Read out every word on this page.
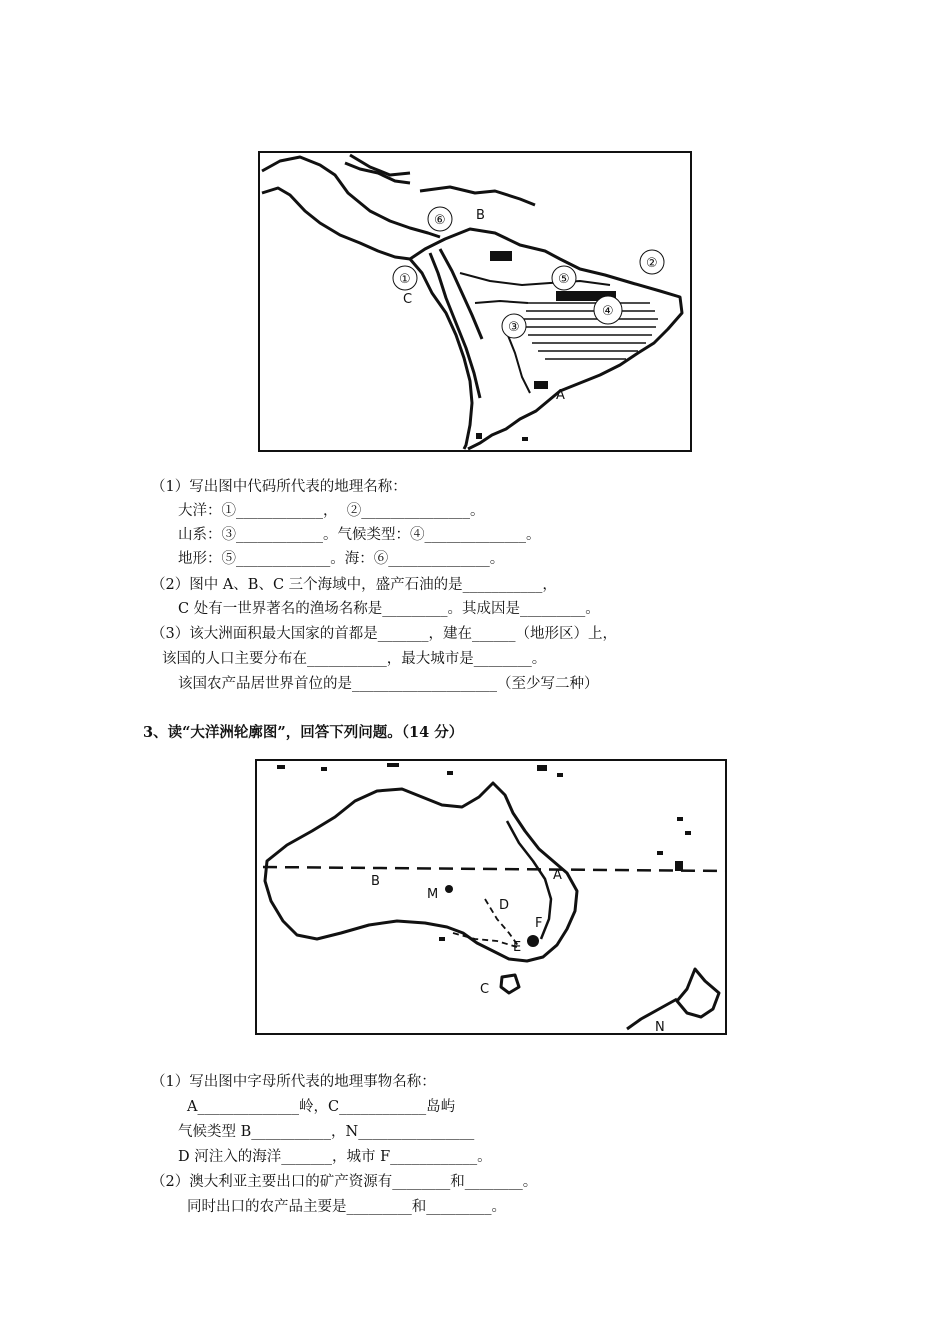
①
②
③
④
⑤
⑥
A
B
C
（1）写出图中代码所代表的地理名称：
大洋：①____________，  ②_______________。
山系：③____________。气候类型：④______________。
地形：⑤_____________。海：⑥______________。
（2）图中 A、B、C 三个海域中，盛产石油的是___________，
C 处有一世界著名的渔场名称是_________。其成因是_________。
（3）该大洲面积最大国家的首都是_______，建在______（地形区）上，
该国的人口主要分布在___________，最大城市是________。
该国农产品居世界首位的是____________________（至少写二种）
3、读“大洋洲轮廓图”，回答下列问题。（14 分）
A
B
C
D
E
F
M
N
（1）写出图中字母所代表的地理事物名称：
A______________岭，C____________岛屿
气候类型 B___________，N________________
D 河注入的海洋_______，城市 F____________。
（2）澳大利亚主要出口的矿产资源有________和________。
同时出口的农产品主要是_________和_________。
